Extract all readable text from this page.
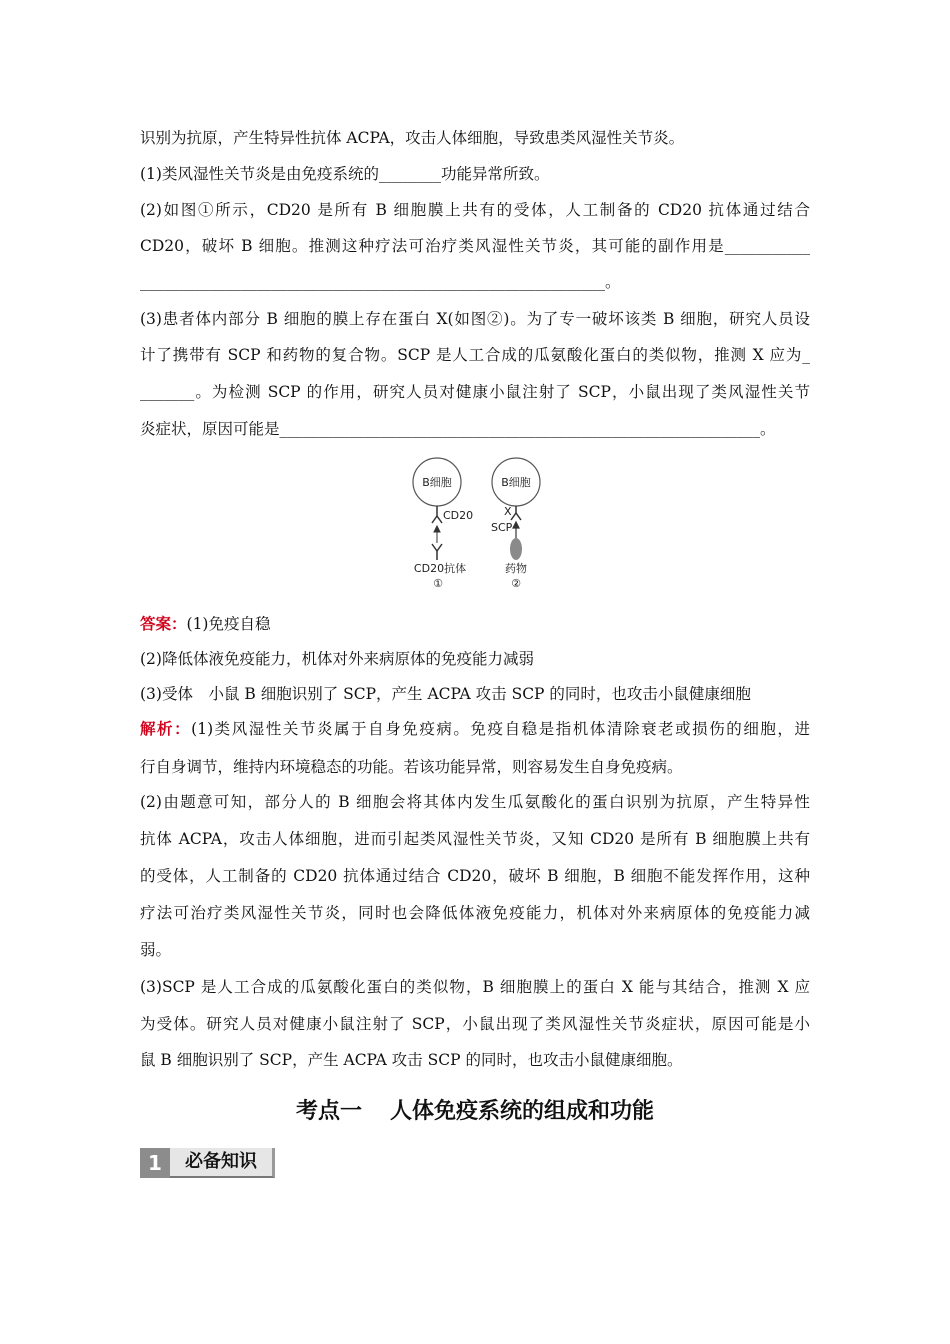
识别为抗原，产生特异性抗体 ACPA，攻击人体细胞，导致患类风湿性关节炎。
(1)类风湿性关节炎是由免疫系统的________功能异常所致。
(2)如图①所示，CD20 是所有 B 细胞膜上共有的受体，人工制备的 CD20 抗体通过结合
CD20，破坏 B 细胞。推测这种疗法可治疗类风湿性关节炎，其可能的副作用是___________
____________________________________________________________。
(3)患者体内部分 B 细胞的膜上存在蛋白 X(如图②)。为了专一破坏该类 B 细胞，研究人员设
计了携带有 SCP 和药物的复合物。SCP 是人工合成的瓜氨酸化蛋白的类似物，推测 X 应为_
_______。为检测 SCP 的作用，研究人员对健康小鼠注射了 SCP，小鼠出现了类风湿性关节
炎症状，原因可能是______________________________________________________________。
B细胞	B细胞
CD20
CD20抗体
①
X
SCP
药物
②
答案：(1)免疫自稳
(2)降低体液免疫能力，机体对外来病原体的免疫能力减弱
(3)受体　小鼠 B 细胞识别了 SCP，产生 ACPA 攻击 SCP 的同时，也攻击小鼠健康细胞
解析：(1)类风湿性关节炎属于自身免疫病。免疫自稳是指机体清除衰老或损伤的细胞，进
行自身调节，维持内环境稳态的功能。若该功能异常，则容易发生自身免疫病。
(2)由题意可知，部分人的 B 细胞会将其体内发生瓜氨酸化的蛋白识别为抗原，产生特异性
抗体 ACPA，攻击人体细胞，进而引起类风湿性关节炎，又知 CD20 是所有 B 细胞膜上共有
的受体，人工制备的 CD20 抗体通过结合 CD20，破坏 B 细胞，B 细胞不能发挥作用，这种
疗法可治疗类风湿性关节炎，同时也会降低体液免疫能力，机体对外来病原体的免疫能力减
弱。
(3)SCP 是人工合成的瓜氨酸化蛋白的类似物，B 细胞膜上的蛋白 X 能与其结合，推测 X 应
为受体。研究人员对健康小鼠注射了 SCP，小鼠出现了类风湿性关节炎症状，原因可能是小
鼠 B 细胞识别了 SCP，产生 ACPA 攻击 SCP 的同时，也攻击小鼠健康细胞。
考点一 人体免疫系统的组成和功能
1	必备知识
